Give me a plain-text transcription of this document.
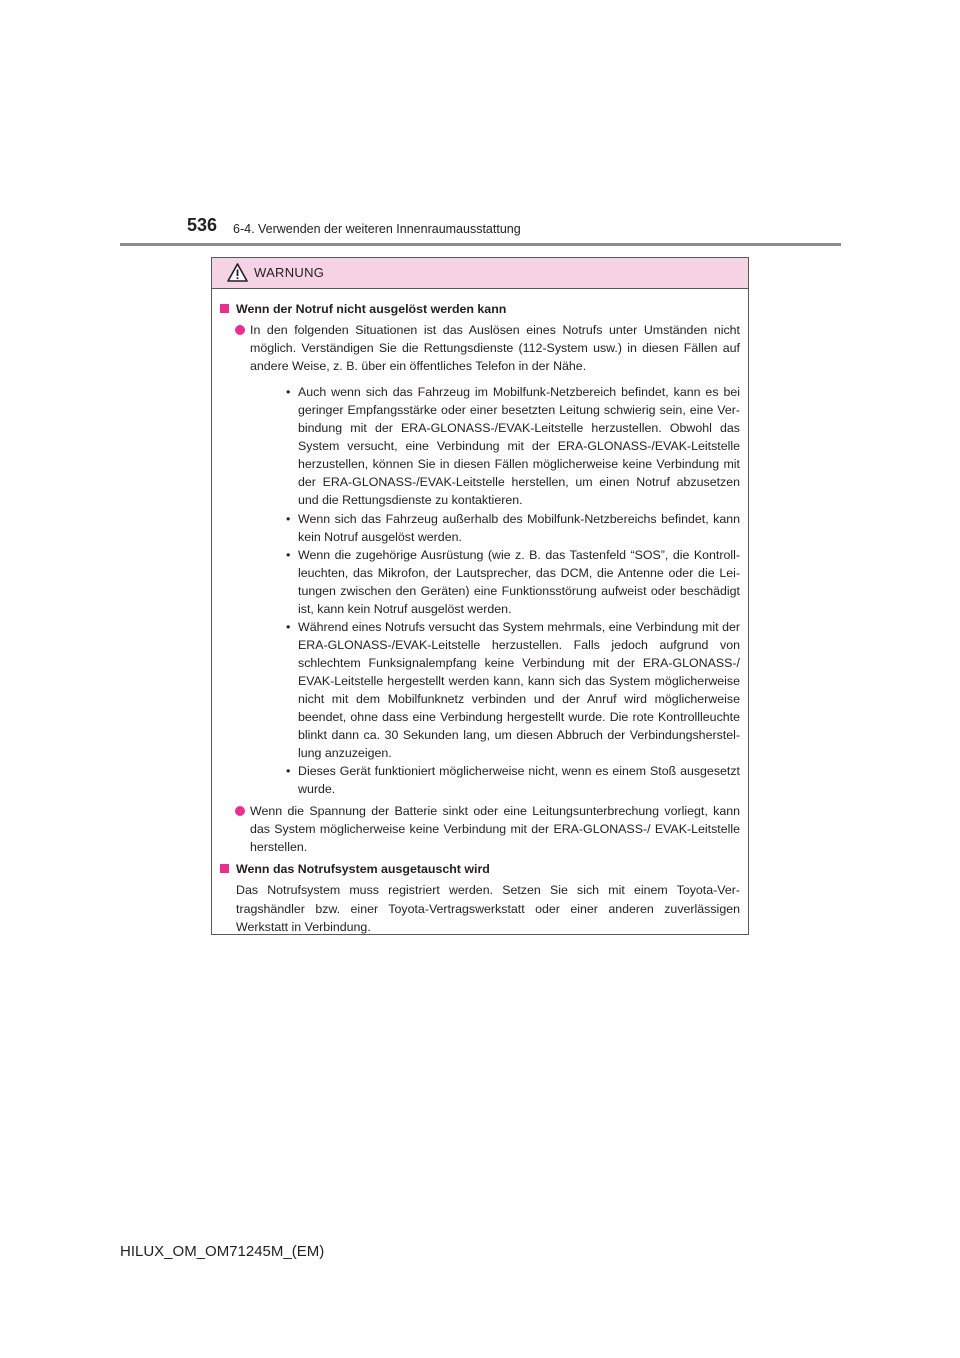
536 6-4. Verwenden der weiteren Innenraumausstattung
WARNUNG
Wenn der Notruf nicht ausgelöst werden kann
In den folgenden Situationen ist das Auslösen eines Notrufs unter Umständen nicht möglich. Verständigen Sie die Rettungsdienste (112-System usw.) in diesen Fällen auf andere Weise, z. B. über ein öffentliches Telefon in der Nähe.
• Auch wenn sich das Fahrzeug im Mobilfunk-Netzbereich befindet, kann es bei geringer Empfangsstärke oder einer besetzten Leitung schwierig sein, eine Ver-bindung mit der ERA-GLONASS-/EVAK-Leitstelle herzustellen. Obwohl das System versucht, eine Verbindung mit der ERA-GLONASS-/EVAK-Leitstelle herzustellen, können Sie in diesen Fällen möglicherweise keine Verbindung mit der ERA-GLONASS-/EVAK-Leitstelle herstellen, um einen Notruf abzusetzen und die Rettungsdienste zu kontaktieren.
• Wenn sich das Fahrzeug außerhalb des Mobilfunk-Netzbereichs befindet, kann kein Notruf ausgelöst werden.
• Wenn die zugehörige Ausrüstung (wie z. B. das Tastenfeld “SOS”, die Kontroll-leuchten, das Mikrofon, der Lautsprecher, das DCM, die Antenne oder die Lei-tungen zwischen den Geräten) eine Funktionsstörung aufweist oder beschädigt ist, kann kein Notruf ausgelöst werden.
• Während eines Notrufs versucht das System mehrmals, eine Verbindung mit der ERA-GLONASS-/EVAK-Leitstelle herzustellen. Falls jedoch aufgrund von schlechtem Funksignalempfang keine Verbindung mit der ERA-GLONASS-/ EVAK-Leitstelle hergestellt werden kann, kann sich das System möglicherweise nicht mit dem Mobilfunknetz verbinden und der Anruf wird möglicherweise beendet, ohne dass eine Verbindung hergestellt wurde. Die rote Kontrollleuchte blinkt dann ca. 30 Sekunden lang, um diesen Abbruch der Verbindungsherstel-lung anzuzeigen.
• Dieses Gerät funktioniert möglicherweise nicht, wenn es einem Stoß ausgesetzt wurde.
Wenn die Spannung der Batterie sinkt oder eine Leitungsunterbrechung vorliegt, kann das System möglicherweise keine Verbindung mit der ERA-GLONASS-/ EVAK-Leitstelle herstellen.
Wenn das Notrufsystem ausgetauscht wird
Das Notrufsystem muss registriert werden. Setzen Sie sich mit einem Toyota-Ver-tragshändler bzw. einer Toyota-Vertragswerkstatt oder einer anderen zuverlässigen Werkstatt in Verbindung.
HILUX_OM_OM71245M_(EM)
